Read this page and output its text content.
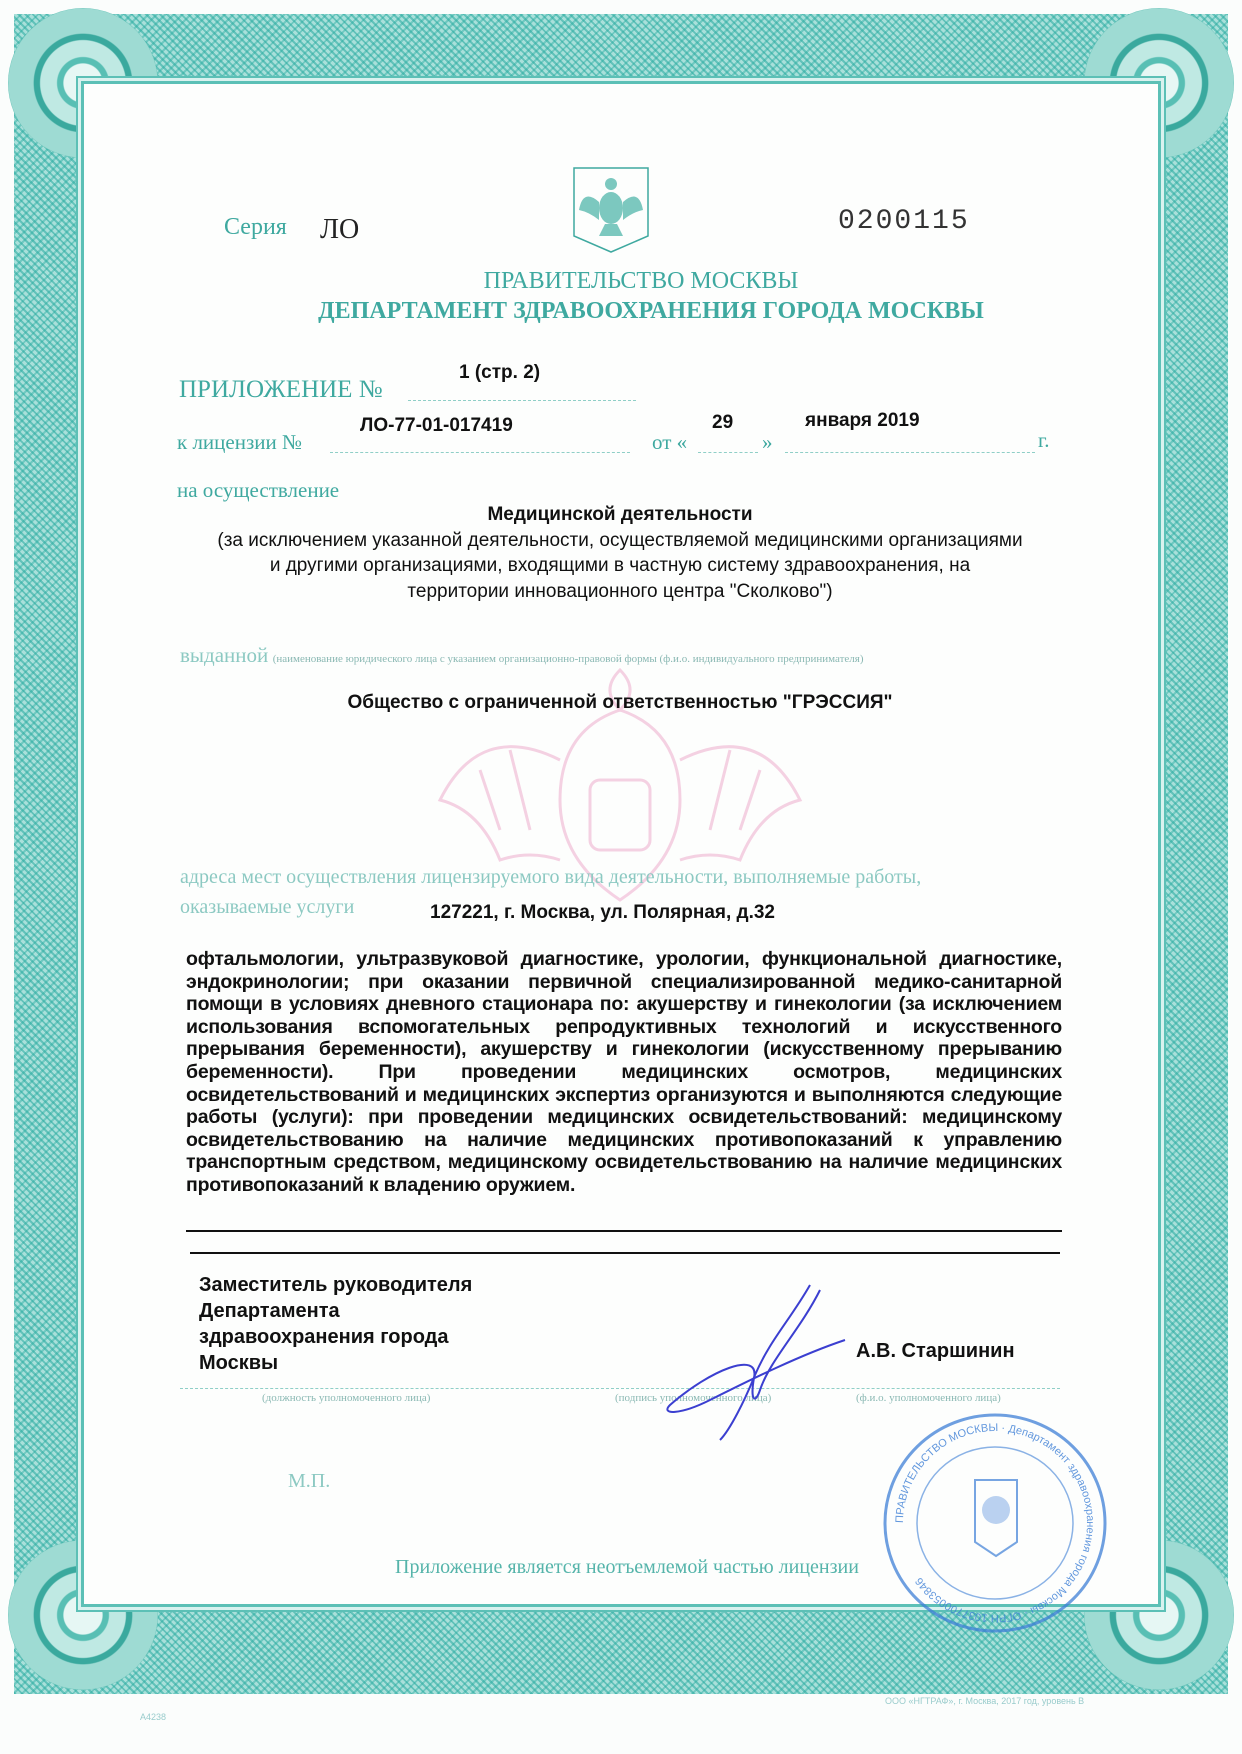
Серия ЛО	0200115
ПРАВИТЕЛЬСТВО МОСКВЫ
ДЕПАРТАМЕНТ ЗДРАВООХРАНЕНИЯ ГОРОДА МОСКВЫ
ПРИЛОЖЕНИЕ №
1 (стр. 2)
к лицензии №
ЛО-77-01-017419
от «
29
»
января 2019
г.
на осуществление
Медицинской деятельности
(за исключением указанной деятельности, осуществляемой медицинскими организациями
и другими организациями, входящими в частную систему здравоохранения, на
территории инновационного центра "Сколково")
выданной (наименование юридического лица с указанием организационно-правовой формы (ф.и.о. индивидуального предпринимателя)
Общество с ограниченной ответственностью "ГРЭССИЯ"
адреса мест осуществления лицензируемого вида деятельности, выполняемые работы,
оказываемые услуги	127221, г. Москва, ул. Полярная, д.32
офтальмологии, ультразвуковой диагностике, урологии, функциональной диагностике, эндокринологии; при оказании первичной специализированной медико-санитарной помощи в условиях дневного стационара по: акушерству и гинекологии (за исключением использования вспомогательных репродуктивных технологий и искусственного прерывания беременности), акушерству и гинекологии (искусственному прерыванию беременности). При проведении медицинских осмотров, медицинских освидетельствований и медицинских экспертиз организуются и выполняются следующие работы (услуги): при проведении медицинских освидетельствований: медицинскому освидетельствованию на наличие медицинских противопоказаний к управлению транспортным средством, медицинскому освидетельствованию на наличие медицинских противопоказаний к владению оружием.
Заместитель руководителя
Департамента
здравоохранения города
Москвы
А.В. Старшинин
(должность уполномоченного лица)	(подпись уполномоченного лица)	(ф.и.о. уполномоченного лица)
М.П.
ПРАВИТЕЛЬСТВО МОСКВЫ · Департамент здравоохранения города Москвы · ОГРН 1037700053846
Приложение является неотъемлемой частью лицензии
А4238
ООО «НГТРАФ», г. Москва, 2017 год, уровень В
